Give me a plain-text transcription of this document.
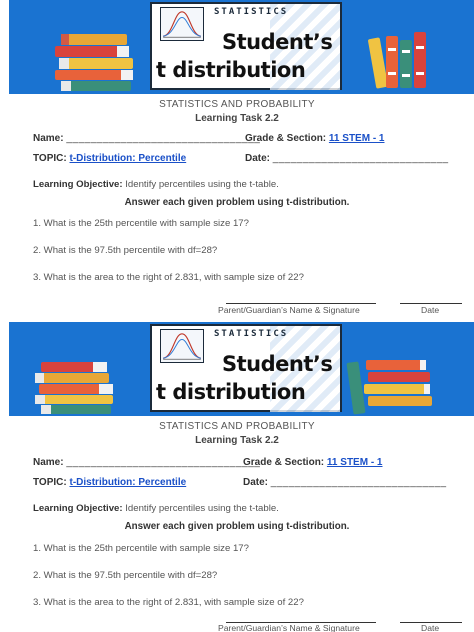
STATISTICS
Student’s
t distribution
STATISTICS AND PROBABILITY
Learning Task 2.2
Name: ________________________________
Grade & Section: 11 STEM - 1
TOPIC: t-Distribution: Percentile	Date: _____________________________
Learning Objective: Identify percentiles using the t-table.
Answer each given problem using t-distribution.
1. What is the 25th percentile with sample size 17?
2. What is the 97.5th percentile with df=28?
3. What is the area to the right of 2.831, with sample size of 22?
Parent/Guardian’s Name & Signature	Date
STATISTICS
Student’s
t distribution
STATISTICS AND PROBABILITY
Learning Task 2.2
Name: ________________________________
Grade & Section: 11 STEM - 1
TOPIC: t-Distribution: Percentile	Date: _____________________________
Learning Objective: Identify percentiles using the t-table.
Answer each given problem using t-distribution.
1. What is the 25th percentile with sample size 17?
2. What is the 97.5th percentile with df=28?
3. What is the area to the right of 2.831, with sample size of 22?
Parent/Guardian’s Name & Signature	Date
